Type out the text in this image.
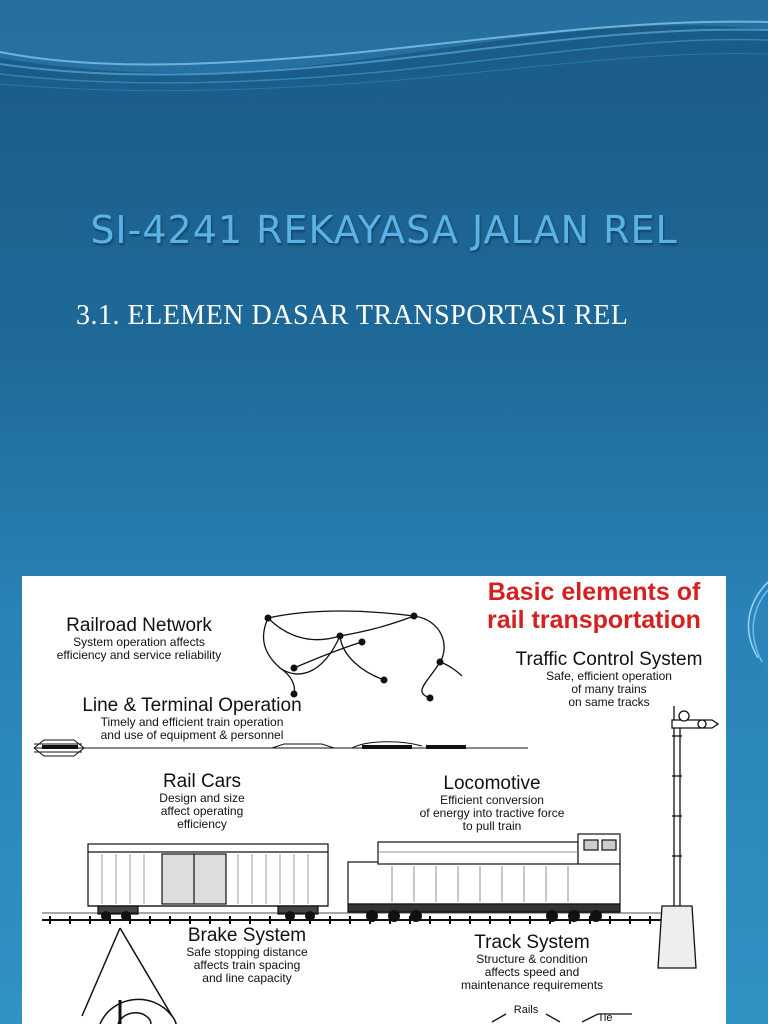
SI-4241 REKAYASA JALAN REL
3.1. ELEMEN DASAR TRANSPORTASI REL
Basic elements of
rail transportation
Railroad Network
System operation affects
efficiency and service reliability	Traffic Control System
Safe, efficient operation
of many trains
on same tracks
Line & Terminal Operation
Timely and efficient train operation
and use of equipment & personnel
Rail Cars
Design and size
affect operating
efficiency
Locomotive
Efficient conversion
of energy into tractive force
to pull train
Brake System
Safe stopping distance
affects train spacing
and line capacity
Track System
Structure & condition
affects speed and
maintenance requirements
Rails
Tie
